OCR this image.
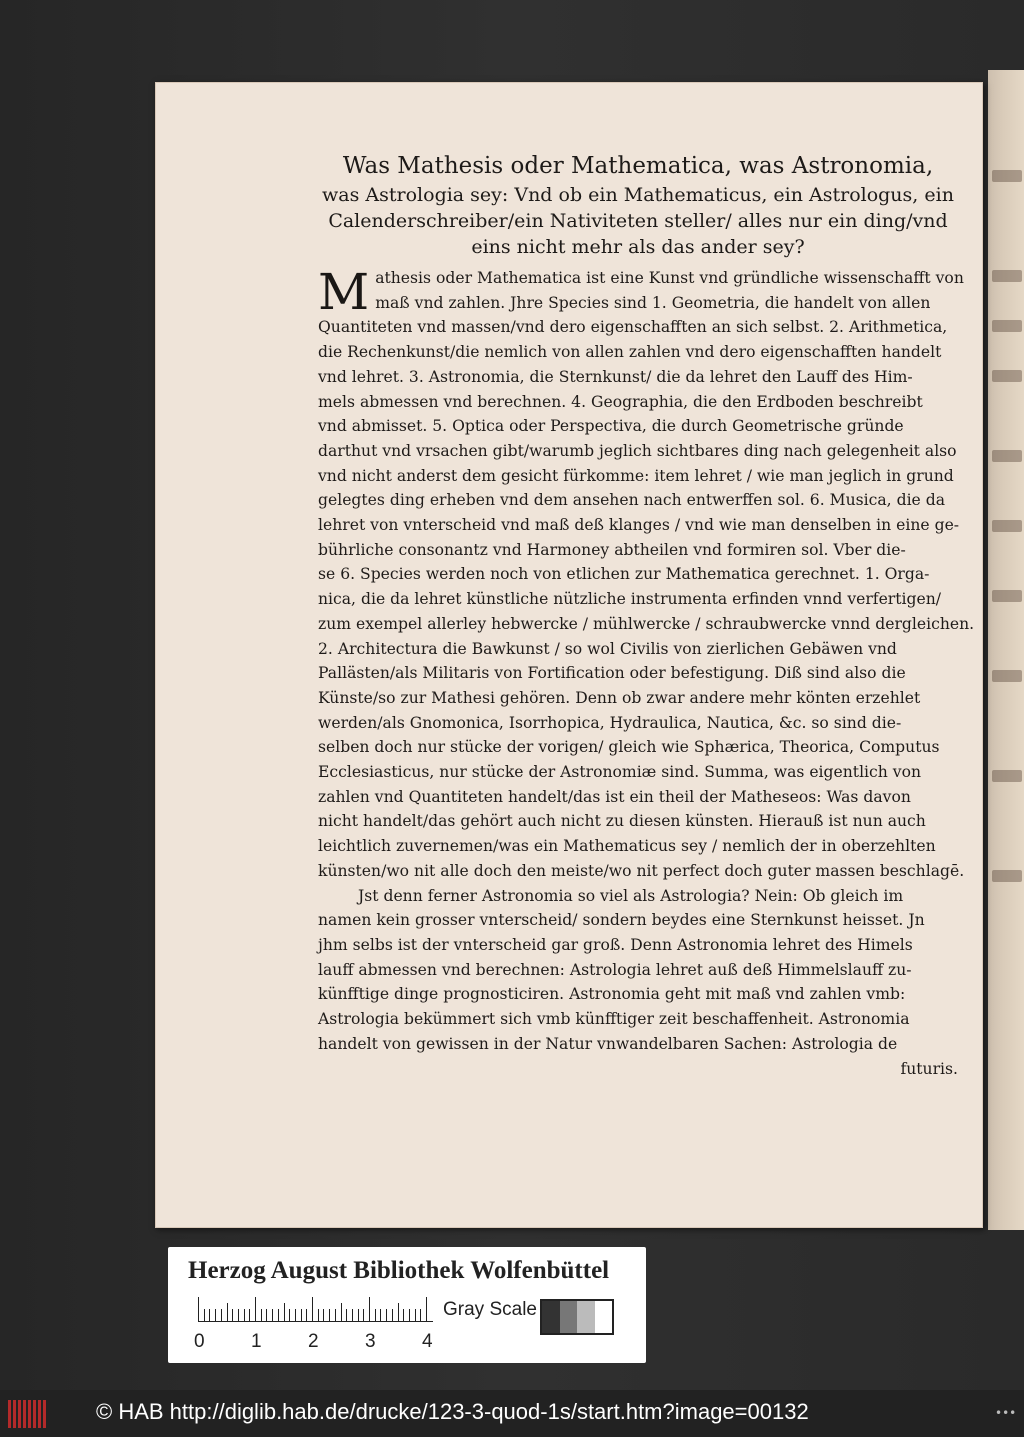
Was Mathesis oder Mathematica, was Astronomia,
was Astrologia sey: Vnd ob ein Mathematicus, ein Astrologus, ein
Calenderschreiber/ein Nativiteten steller/ alles nur ein ding/vnd
eins nicht mehr als das ander sey?
M athesis oder Mathematica ist eine Kunst vnd gründliche wissenschafft von
maß vnd zahlen. Jhre Species sind 1. Geometria, die handelt von allen
Quantiteten vnd massen/vnd dero eigenschafften an sich selbst. 2. Arithmetica,
die Rechenkunst/die nemlich von allen zahlen vnd dero eigenschafften handelt
vnd lehret. 3. Astronomia, die Sternkunst/ die da lehret den Lauff des Him-
mels abmessen vnd berechnen. 4. Geographia, die den Erdboden beschreibt
vnd abmisset. 5. Optica oder Perspectiva, die durch Geometrische gründe
darthut vnd vrsachen gibt/warumb jeglich sichtbares ding nach gelegenheit also
vnd nicht anderst dem gesicht fürkomme: item lehret / wie man jeglich in grund
gelegtes ding erheben vnd dem ansehen nach entwerffen sol. 6. Musica, die da
lehret von vnterscheid vnd maß deß klanges / vnd wie man denselben in eine ge-
bührliche consonantz vnd Harmoney abtheilen vnd formiren sol. Vber die-
se 6. Species werden noch von etlichen zur Mathematica gerechnet. 1. Orga-
nica, die da lehret künstliche nützliche instrumenta erfinden vnnd verfertigen/
zum exempel allerley hebwercke / mühlwercke / schraubwercke vnnd dergleichen.
2. Architectura die Bawkunst / so wol Civilis von zierlichen Gebäwen vnd
Pallästen/als Militaris von Fortification oder befestigung. Diß sind also die
Künste/so zur Mathesi gehören. Denn ob zwar andere mehr könten erzehlet
werden/als Gnomonica, Isorrhopica, Hydraulica, Nautica, &c. so sind die-
selben doch nur stücke der vorigen/ gleich wie Sphærica, Theorica, Computus
Ecclesiasticus, nur stücke der Astronomiæ sind. Summa, was eigentlich von
zahlen vnd Quantiteten handelt/das ist ein theil der Matheseos: Was davon
nicht handelt/das gehört auch nicht zu diesen künsten. Hierauß ist nun auch
leichtlich zuvernemen/was ein Mathematicus sey / nemlich der in oberzehlten
künsten/wo nit alle doch den meiste/wo nit perfect doch guter massen beschlagē.
Jst denn ferner Astronomia so viel als Astrologia? Nein: Ob gleich im
namen kein grosser vnterscheid/ sondern beydes eine Sternkunst heisset. Jn
jhm selbs ist der vnterscheid gar groß. Denn Astronomia lehret des Himels
lauff abmessen vnd berechnen: Astrologia lehret auß deß Himmelslauff zu-
künfftige dinge prognosticiren. Astronomia geht mit maß vnd zahlen vmb:
Astrologia bekümmert sich vmb künfftiger zeit beschaffenheit. Astronomia
handelt von gewissen in der Natur vnwandelbaren Sachen: Astrologia de
futuris.
Herzog August Bibliothek Wolfenbüttel
0 1 2 3 4
Gray Scale
© HAB http://diglib.hab.de/drucke/123-3-quod-1s/start.htm?image=00132	•••
